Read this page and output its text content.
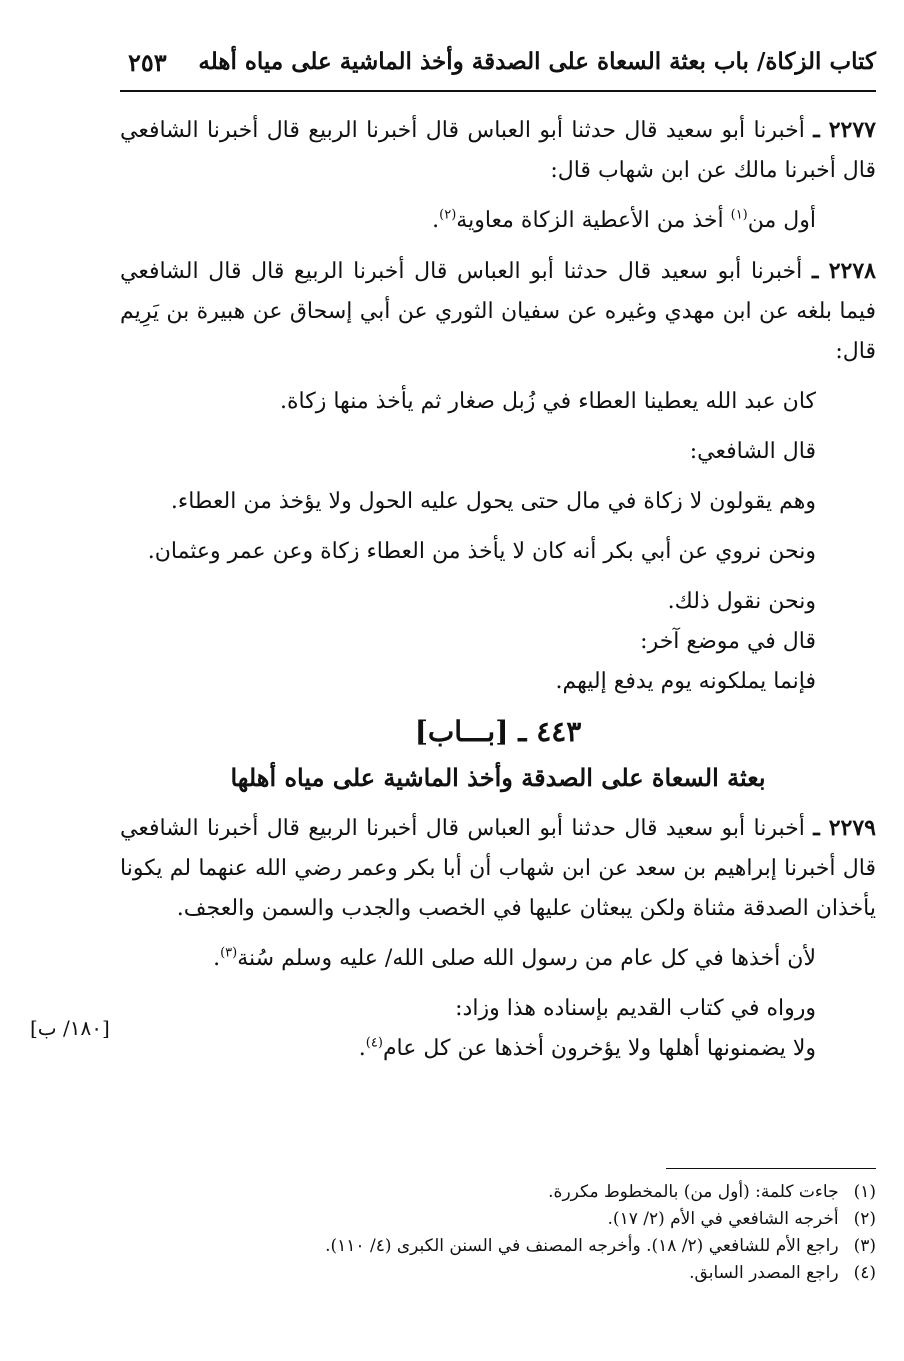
كتاب الزكاة/ باب بعثة السعاة على الصدقة وأخذ الماشية على مياه أهله
٢٥٣

٢٢٧٧ ـ أخبرنا أبو سعيد قال حدثنا أبو العباس قال أخبرنا الربيع قال أخبرنا الشافعي قال أخبرنا مالك عن ابن شهاب قال:

أول من$^{(١)}$ أخذ من الأعطية الزكاة معاوية$^{(٢)}$.

٢٢٧٨ ـ أخبرنا أبو سعيد قال حدثنا أبو العباس قال أخبرنا الربيع قال قال الشافعي فيما بلغه عن ابن مهدي وغيره عن سفيان الثوري عن أبي إسحاق عن هبيرة بن يَرِيم قال:

كان عبد الله يعطينا العطاء في زُبل صغار ثم يأخذ منها زكاة.

قال الشافعي:

وهم يقولون لا زكاة في مال حتى يحول عليه الحول ولا يؤخذ من العطاء.

ونحن نروي عن أبي بكر أنه كان لا يأخذ من العطاء زكاة وعن عمر وعثمان.

ونحن نقول ذلك.

قال في موضع آخر:

فإنما يملكونه يوم يدفع إليهم.

٤٤٣ ـ [بـــاب]
بعثة السعاة على الصدقة وأخذ الماشية على مياه أهلها

٢٢٧٩ ـ أخبرنا أبو سعيد قال حدثنا أبو العباس قال أخبرنا الربيع قال أخبرنا الشافعي قال أخبرنا إبراهيم بن سعد عن ابن شهاب أن أبا بكر وعمر رضي الله عنهما لم يكونا يأخذان الصدقة مثناة ولكن يبعثان عليها في الخصب والجدب والسمن والعجف.

لأن أخذها في كل عام من رسول الله صلى الله/ عليه وسلم سُنة$^{(٣)}$.

ورواه في كتاب القديم بإسناده هذا وزاد:

ولا يضمنونها أهلها ولا يؤخرون أخذها عن كل عام$^{(٤)}$.

[١٨٠/ ب]
(١) جاءت كلمة: (أول من) بالمخطوط مكررة.
(٢) أخرجه الشافعي في الأم (٢/ ١٧).
(٣) راجع الأم للشافعي (٢/ ١٨). وأخرجه المصنف في السنن الكبرى (٤/ ١١٠).
(٤) راجع المصدر السابق.
